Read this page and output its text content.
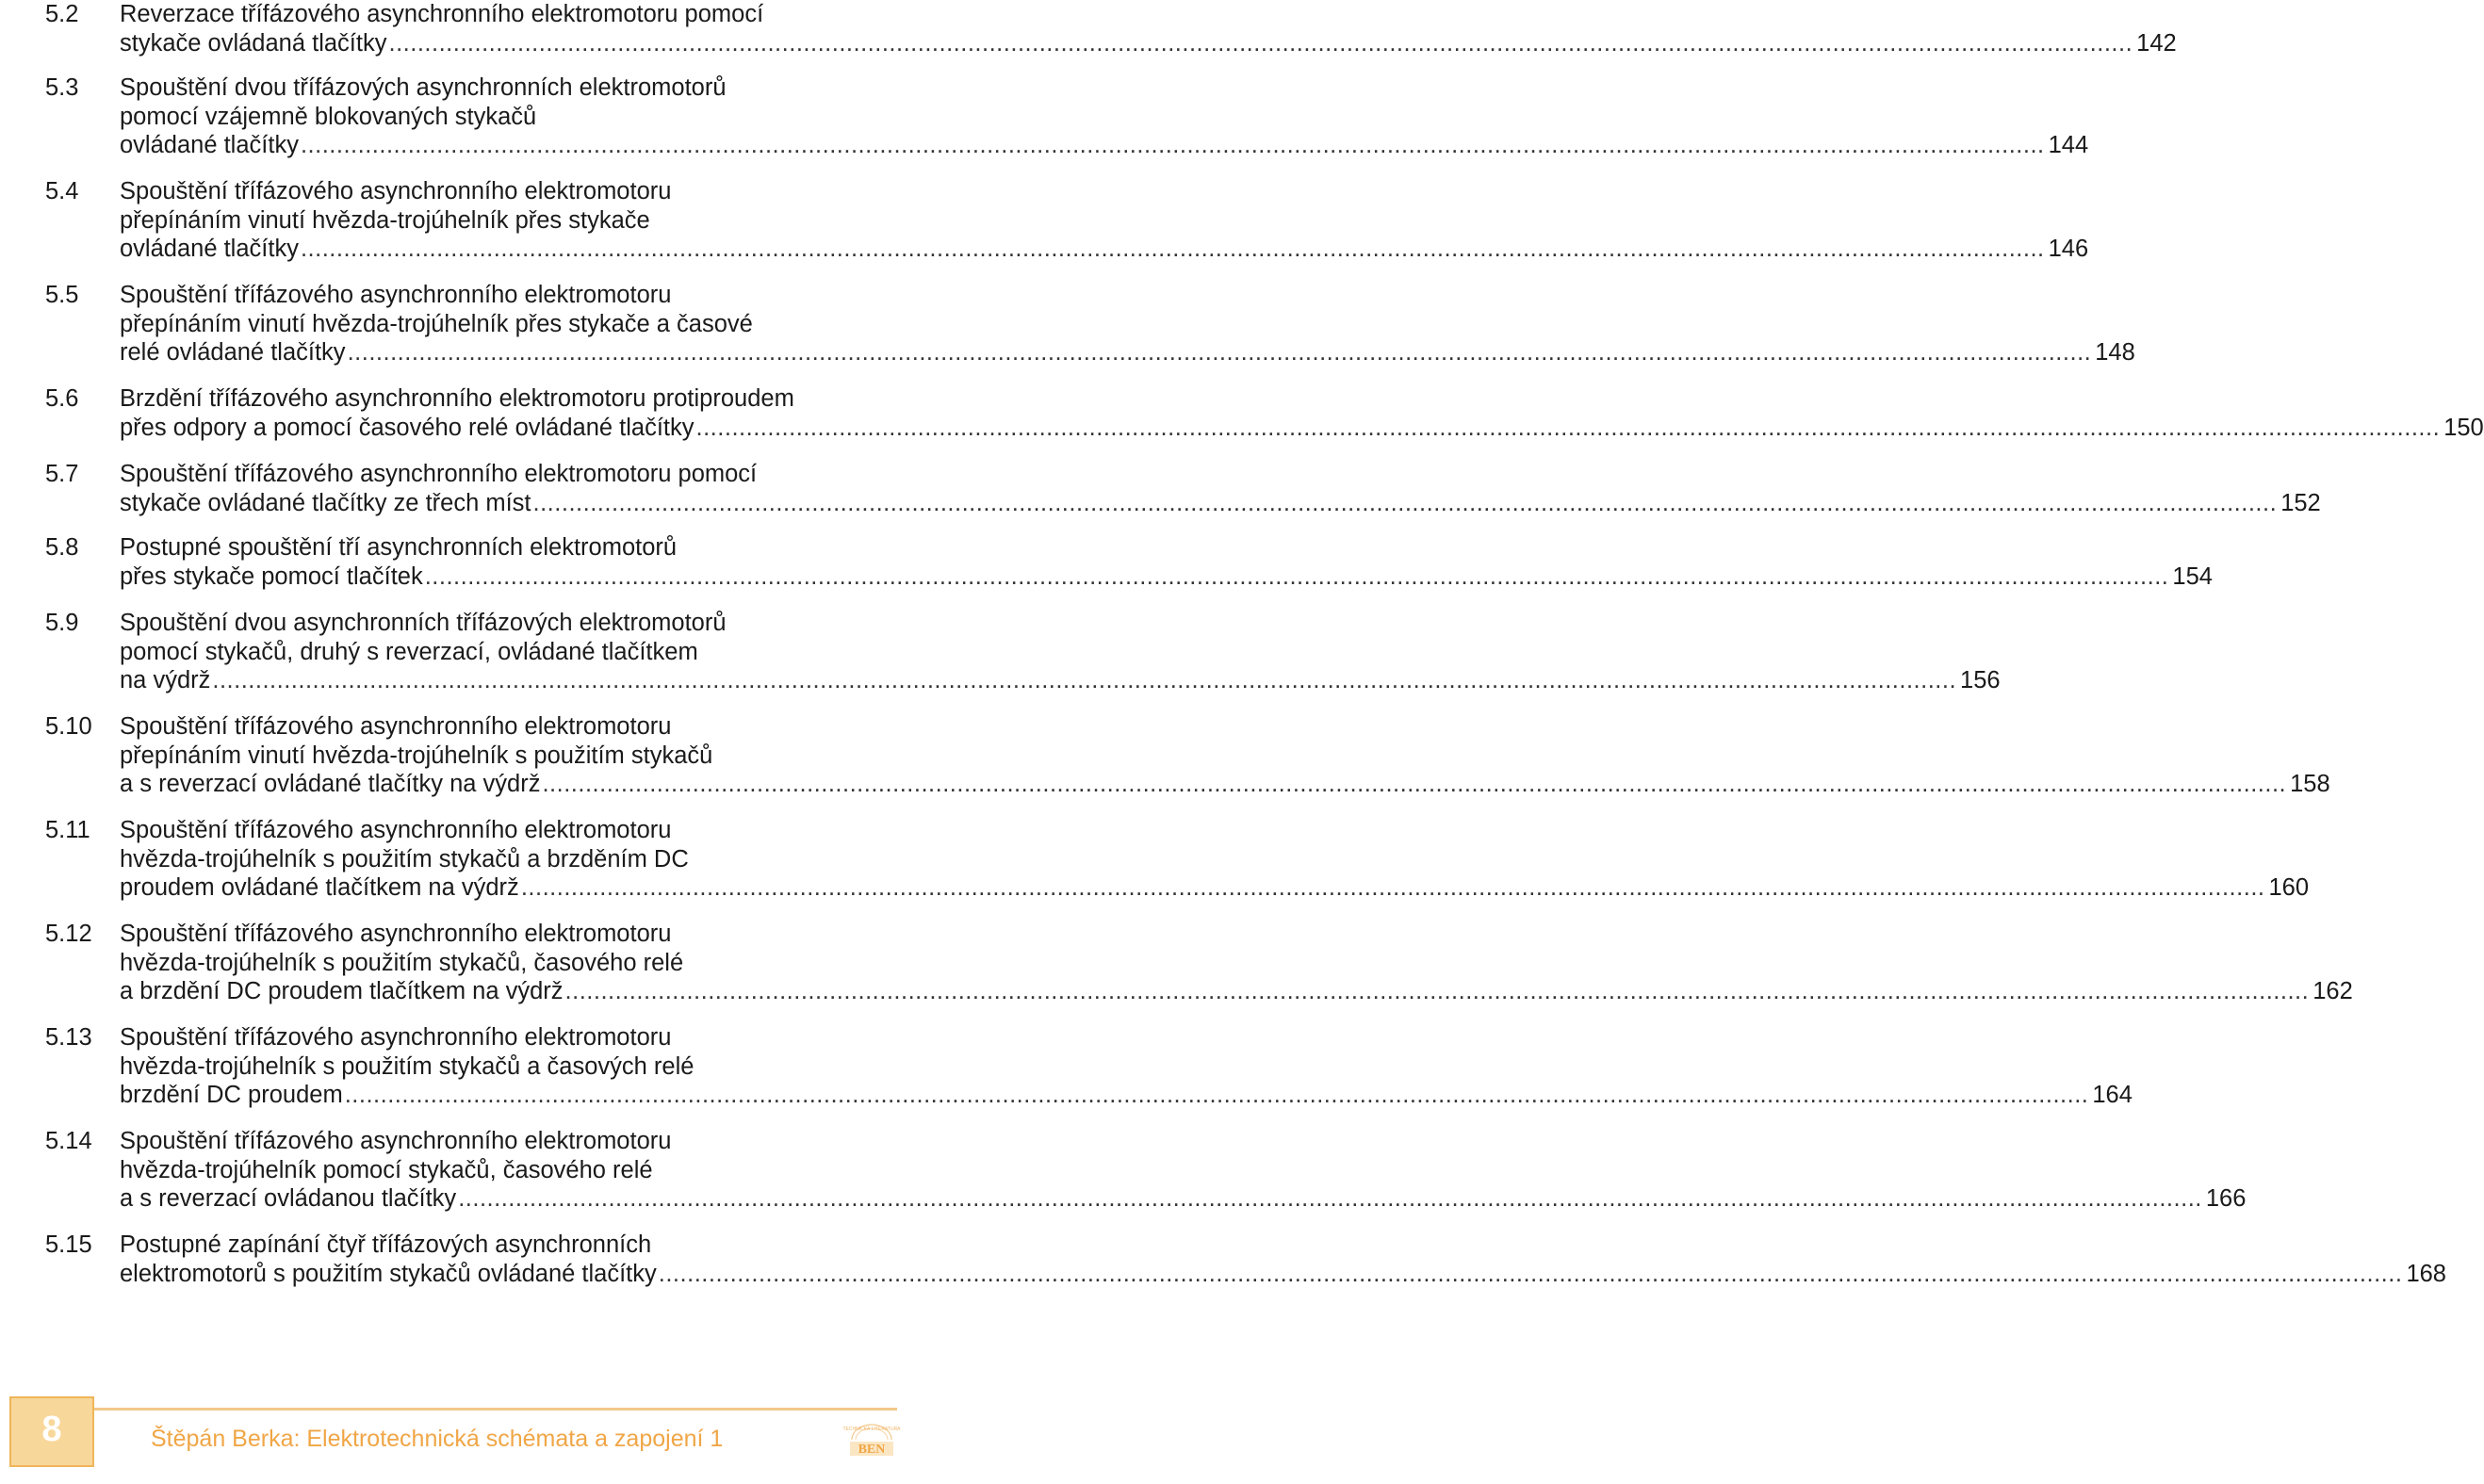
5.2	Reverzace třífázového asynchronního elektromotoru pomocí
stykače ovládaná tlačítky .....	142
5.3	Spouštění dvou třífázových asynchronních elektromotorů
pomocí vzájemně blokovaných stykačů
ovládané tlačítky .....	144
5.4	Spouštění třífázového asynchronního elektromotoru
přepínáním vinutí hvězda-trojúhelník přes stykače
ovládané tlačítky .....	146
5.5	Spouštění třífázového asynchronního elektromotoru
přepínáním vinutí hvězda-trojúhelník přes stykače a časové
relé ovládané tlačítky .....	148
5.6	Brzdění třífázového asynchronního elektromotoru protiproudem
přes odpory a pomocí časového relé ovládané tlačítky .....	150
5.7	Spouštění třífázového asynchronního elektromotoru pomocí
stykače ovládané tlačítky ze třech míst .....	152
5.8	Postupné spouštění tří asynchronních elektromotorů
přes stykače pomocí tlačítek .....	154
5.9	Spouštění dvou asynchronních třífázových elektromotorů
pomocí stykačů, druhý s reverzací, ovládané tlačítkem
na výdrž .....	156
5.10	Spouštění třífázového asynchronního elektromotoru
přepínáním vinutí hvězda-trojúhelník s použitím stykačů
a s reverzací ovládané tlačítky na výdrž .....	158
5.11	Spouštění třífázového asynchronního elektromotoru
hvězda-trojúhelník s použitím stykačů a brzděním DC
proudem ovládané tlačítkem na výdrž .....	160
5.12	Spouštění třífázového asynchronního elektromotoru
hvězda-trojúhelník s použitím stykačů, časového relé
a brzdění DC proudem tlačítkem na výdrž .....	162
5.13	Spouštění třífázového asynchronního elektromotoru
hvězda-trojúhelník s použitím stykačů a časových relé
brzdění DC proudem .....	164
5.14	Spouštění třífázového asynchronního elektromotoru
hvězda-trojúhelník pomocí stykačů, časového relé
a s reverzací ovládanou tlačítky .....	166
5.15	Postupné zapínání čtyř třífázových asynchronních
elektromotorů s použitím stykačů ovládané tlačítky .....	168
8	Štěpán Berka: Elektrotechnická schémata a zapojení 1	TECHNICKÁ LITERATURA
BEN
